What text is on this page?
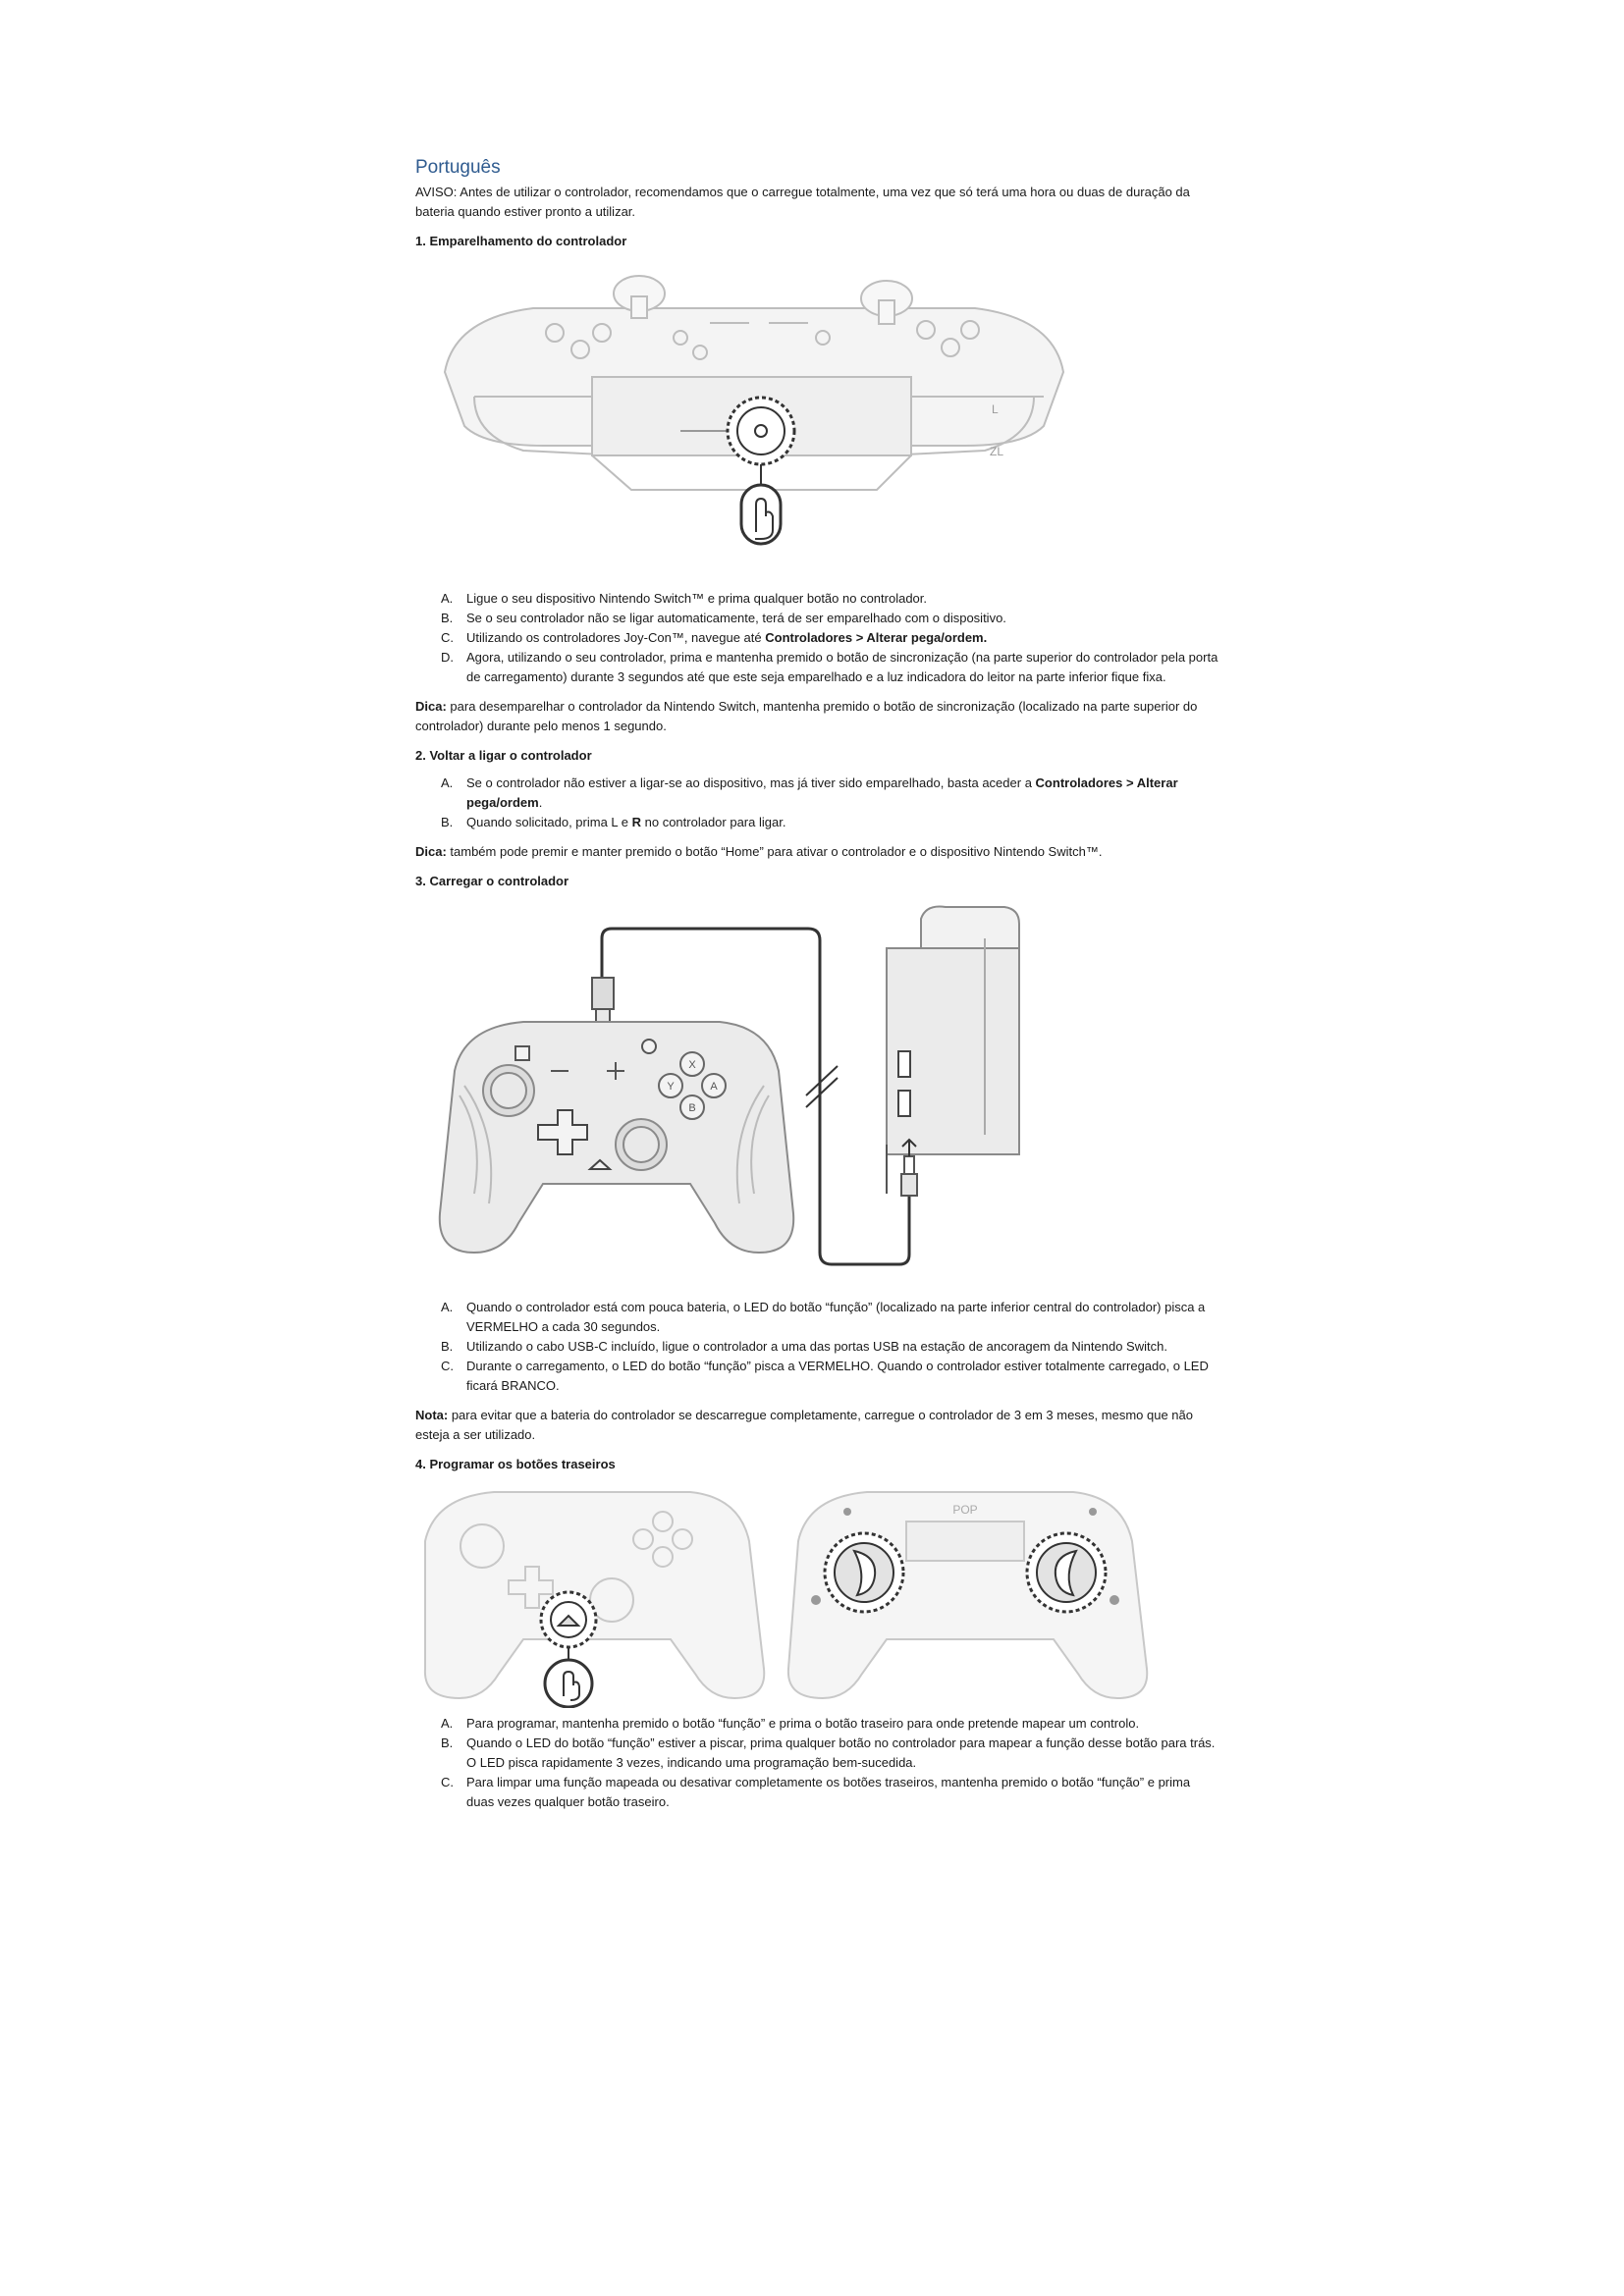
Português

AVISO: Antes de utilizar o controlador, recomendamos que o carregue totalmente, uma vez que só terá uma hora ou duas de duração da bateria quando estiver pronto a utilizar.

1. Emparelhamento do controlador
L
ZL
A. Ligue o seu dispositivo Nintendo Switch™ e prima qualquer botão no controlador.
B. Se o seu controlador não se ligar automaticamente, terá de ser emparelhado com o dispositivo.
C. Utilizando os controladores Joy-Con™, navegue até Controladores > Alterar pega/ordem.
D. Agora, utilizando o seu controlador, prima e mantenha premido o botão de sincronização (na parte superior do controlador pela porta de carregamento) durante 3 segundos até que este seja emparelhado e a luz indicadora do leitor na parte inferior fique fixa.

Dica: para desemparelhar o controlador da Nintendo Switch, mantenha premido o botão de sincronização (localizado na parte superior do controlador) durante pelo menos 1 segundo.

2. Voltar a ligar o controlador
A. Se o controlador não estiver a ligar-se ao dispositivo, mas já tiver sido emparelhado, basta aceder a Controladores > Alterar pega/ordem.
B. Quando solicitado, prima L e R no controlador para ligar.

Dica: também pode premir e manter premido o botão “Home” para ativar o controlador e o dispositivo Nintendo Switch™.

3. Carregar o controlador
X
Y	A
B
A. Quando o controlador está com pouca bateria, o LED do botão “função” (localizado na parte inferior central do controlador) pisca a VERMELHO a cada 30 segundos.
B. Utilizando o cabo USB-C incluído, ligue o controlador a uma das portas USB na estação de ancoragem da Nintendo Switch.
C. Durante o carregamento, o LED do botão “função” pisca a VERMELHO. Quando o controlador estiver totalmente carregado, o LED ficará BRANCO.

Nota: para evitar que a bateria do controlador se descarregue completamente, carregue o controlador de 3 em 3 meses, mesmo que não esteja a ser utilizado.

4. Programar os botões traseiros
POP
A. Para programar, mantenha premido o botão “função” e prima o botão traseiro para onde pretende mapear um controlo.
B. Quando o LED do botão “função” estiver a piscar, prima qualquer botão no controlador para mapear a função desse botão para trás. O LED pisca rapidamente 3 vezes, indicando uma programação bem-sucedida.
C. Para limpar uma função mapeada ou desativar completamente os botões traseiros, mantenha premido o botão “função” e prima duas vezes qualquer botão traseiro.
